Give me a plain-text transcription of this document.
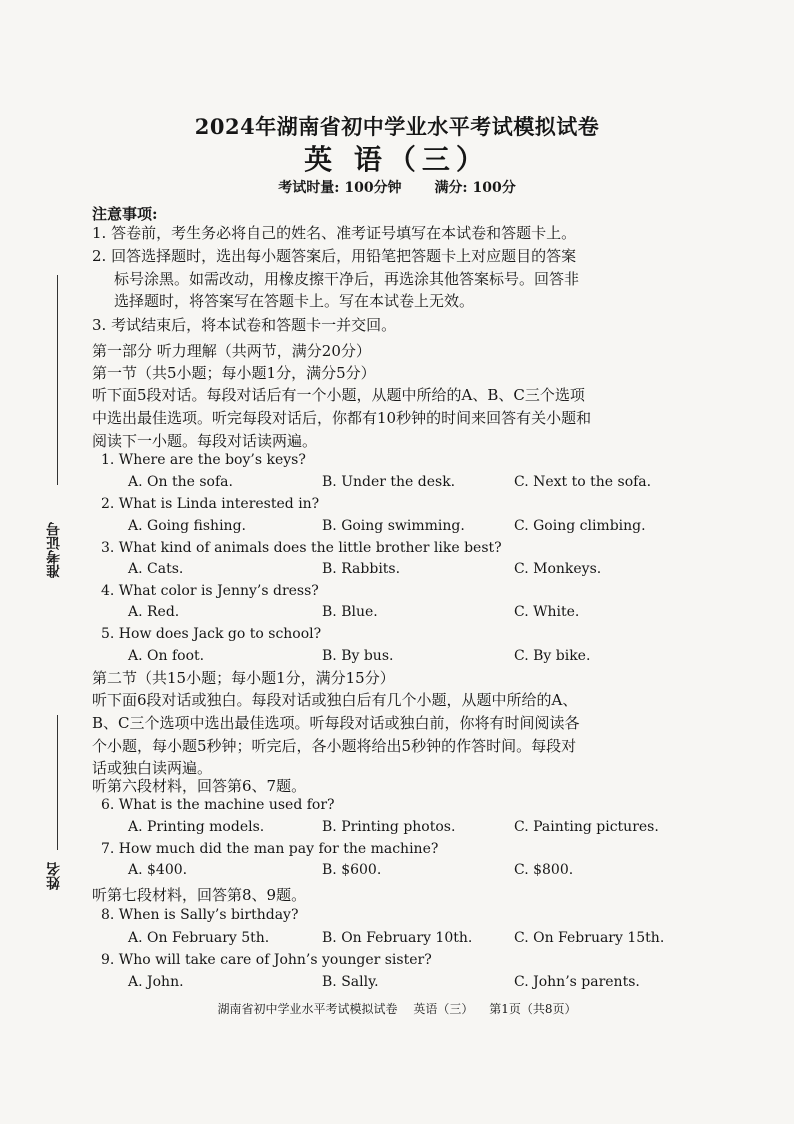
2024年湖南省初中学业水平考试模拟试卷
英 语（三）
考试时量: 100分钟 满分: 100分
注意事项:
1. 答卷前，考生务必将自己的姓名、准考证号填写在本试卷和答题卡上。
2. 回答选择题时，选出每小题答案后，用铅笔把答题卡上对应题目的答案
标号涂黑。如需改动，用橡皮擦干净后，再选涂其他答案标号。回答非
选择题时，将答案写在答题卡上。写在本试卷上无效。
3. 考试结束后，将本试卷和答题卡一并交回。
第一部分 听力理解（共两节，满分20分）
第一节（共5小题；每小题1分，满分5分）
听下面5段对话。每段对话后有一个小题，从题中所给的A、B、C三个选项
中选出最佳选项。听完每段对话后，你都有10秒钟的时间来回答有关小题和
阅读下一小题。每段对话读两遍。
1. Where are the boy’s keys?
A. On the sofa.	B. Under the desk.	C. Next to the sofa.
2. What is Linda interested in?
A. Going fishing.	B. Going swimming.	C. Going climbing.
3. What kind of animals does the little brother like best?
A. Cats.	B. Rabbits.	C. Monkeys.
4. What color is Jenny’s dress?
A. Red.	B. Blue.	C. White.
5. How does Jack go to school?
A. On foot.	B. By bus.	C. By bike.
第二节（共15小题；每小题1分，满分15分）
听下面6段对话或独白。每段对话或独白后有几个小题，从题中所给的A、
B、C三个选项中选出最佳选项。听每段对话或独白前，你将有时间阅读各
个小题，每小题5秒钟；听完后，各小题将给出5秒钟的作答时间。每段对
话或独白读两遍。
听第六段材料，回答第6、7题。
6. What is the machine used for?
A. Printing models.	B. Printing photos.	C. Painting pictures.
7. How much did the man pay for the machine?
A. $400.	B. $600.	C. $800.
听第七段材料，回答第8、9题。
8. When is Sally’s birthday?
A. On February 5th.	B. On February 10th.	C. On February 15th.
9. Who will take care of John’s younger sister?
A. John.	B. Sally.	C. John’s parents.
准考证号
姓名
湖南省初中学业水平考试模拟试卷 英语（三） 第1页（共8页）
